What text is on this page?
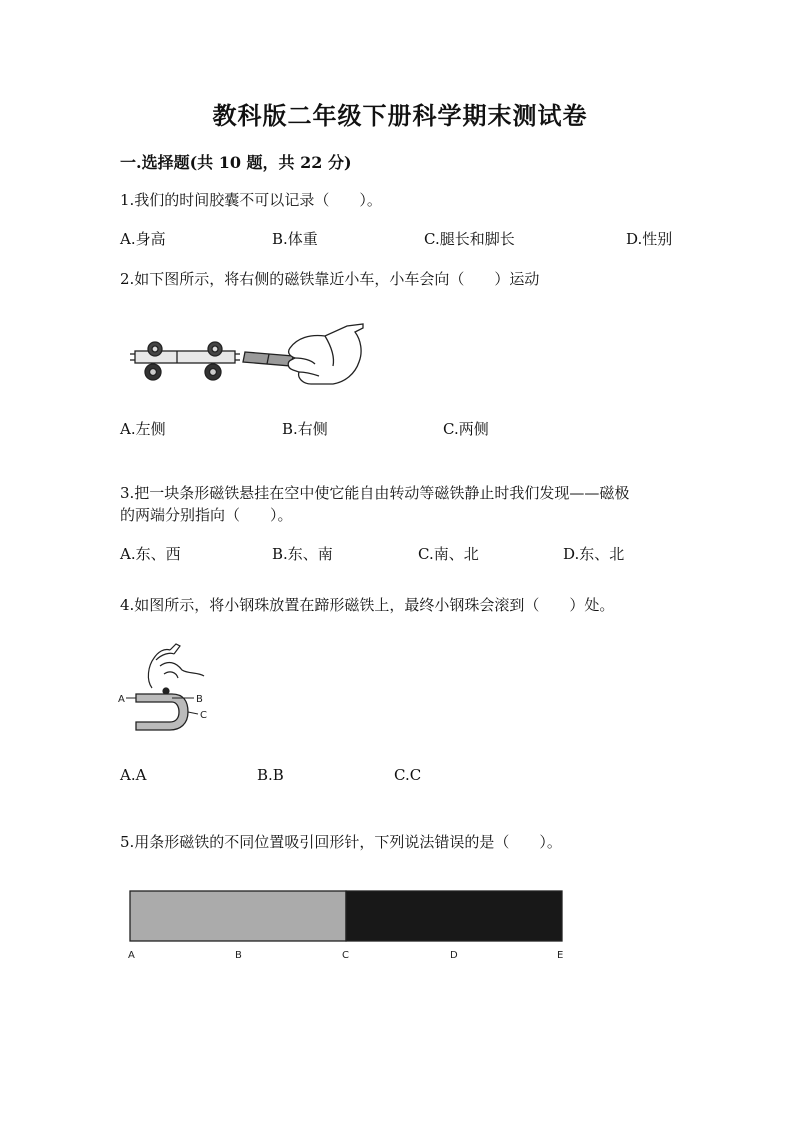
教科版二年级下册科学期末测试卷
一.选择题(共 10 题，共 22 分)
1.我们的时间胶囊不可以记录（　　）。
A.身高	B.体重	C.腿长和脚长	D.性别
2.如下图所示，将右侧的磁铁靠近小车，小车会向（　　）运动
A.左侧	B.右侧	C.两侧
3.把一块条形磁铁悬挂在空中使它能自由转动等磁铁静止时我们发现——磁极
的两端分别指向（　　）。
A.东、西	B.东、南	C.南、北	D.东、北
4.如图所示，将小钢珠放置在蹄形磁铁上，最终小钢珠会滚到（　　）处。
A	B
C
A.A	B.B	C.C
5.用条形磁铁的不同位置吸引回形针，下列说法错误的是（　　）。
A	B	C	D	E
